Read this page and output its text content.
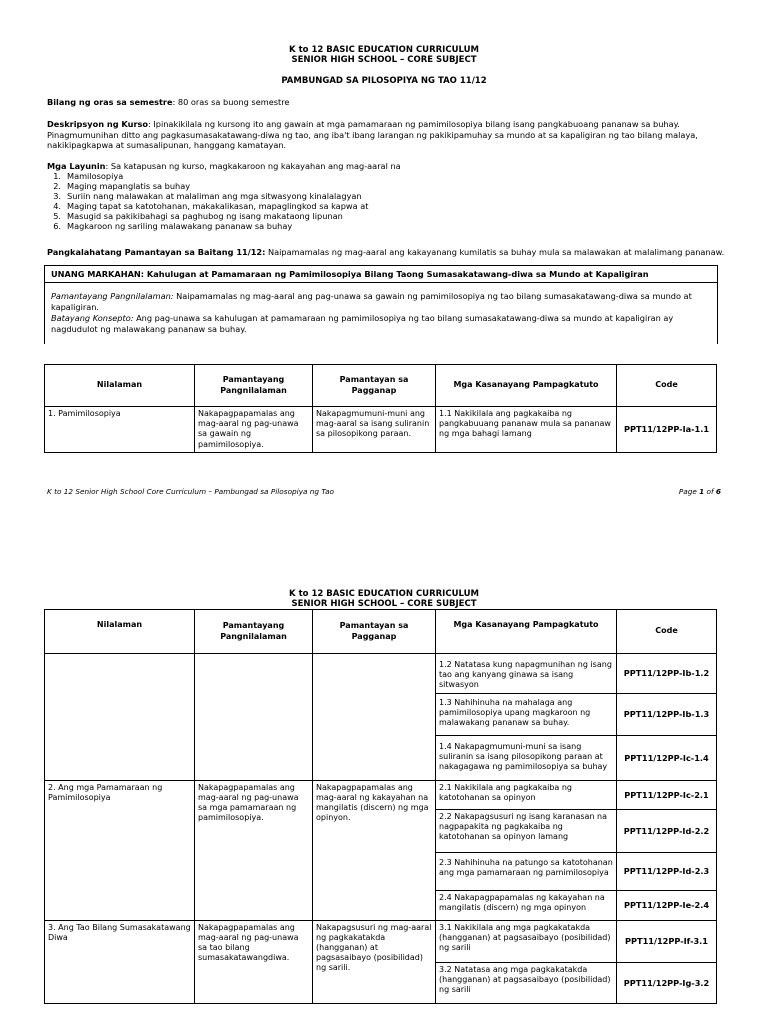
K to 12 BASIC EDUCATION CURRICULUM
SENIOR HIGH SCHOOL – CORE SUBJECT
PAMBUNGAD SA PILOSOPIYA NG TAO 11/12
Bilang ng oras sa semestre: 80 oras sa buong semestre
Deskripsyon ng Kurso: Ipinakikilala ng kursong ito ang gawain at mga pamamaraan ng pamimilosopiya bilang isang pangkabuoang pananaw sa buhay. Pinagmumunihan ditto ang pagkasumasakatawang-diwa ng tao, ang iba't ibang larangan ng pakikipamuhay sa mundo at sa kapaligiran ng tao bilang malaya, nakikipagkapwa at sumasalipunan, hanggang kamatayan.
Mga Layunin: Sa katapusan ng kurso, magkakaroon ng kakayahan ang mag-aaral na
1. Mamilosopiya
2. Maging mapanglatis sa buhay
3. Suriin nang malawakan at malaliman ang mga sitwasyong kinalalagyan
4. Maging tapat sa katotohanan, makakalikasan, mapaglingkod sa kapwa at
5. Masugid sa pakikibahagi sa paghubog ng isang makataong lipunan
6. Magkaroon ng sariling malawakang pananaw sa buhay
Pangkalahatang Pamantayan sa Baitang 11/12: Naipamamalas ng mag-aaral ang kakayanang kumilatis sa buhay mula sa malawakan at malalimang pananaw.
UNANG MARKAHAN: Kahulugan at Pamamaraan ng Pamimilosopiya Bilang Taong Sumasakatawang-diwa sa Mundo at Kapaligiran
Pamantayang Pangnilalaman: Naipamamalas ng mag-aaral ang pag-unawa sa gawain ng pamimilosopiya ng tao bilang sumasakatawang-diwa sa mundo at kapaligiran.
Batayang Konsepto: Ang pag-unawa sa kahulugan at pamamaraan ng pamimilosopiya ng tao bilang sumasakatawang-diwa sa mundo at kapaligiran ay nagdudulot ng malawakang pananaw sa buhay.
Nilalaman	Pamantayang Pangnilalaman	Pamantayan sa Pagganap	Mga Kasanayang Pampagkatuto	Code
1. Pamimilosopiya	Nakapagpapamalas ang mag-aaral ng pag-unawa sa gawain ng pamimilosopiya.	Nakapagmumuni-muni ang mag-aaral sa isang suliranin sa pilosopikong paraan.	1.1 Nakikilala ang pagkakaiba ng pangkabuuang pananaw mula sa pananaw ng mga bahagi lamang	PPT11/12PP-Ia-1.1
K to 12 Senior High School Core Curriculum – Pambungad sa Pilosopiya ng Tao	Page 1 of 6
K to 12 BASIC EDUCATION CURRICULUM
SENIOR HIGH SCHOOL – CORE SUBJECT
Nilalaman	Pamantayang Pangnilalaman	Pamantayan sa Pagganap	Mga Kasanayang Pampagkatuto	Code
			1.2 Natatasa kung napagmunihan ng isang tao ang kanyang ginawa sa isang sitwasyon	PPT11/12PP-Ib-1.2
			1.3 Nahihinuha na mahalaga ang pamimilosopiya upang magkaroon ng malawakang pananaw sa buhay.	PPT11/12PP-Ib-1.3
			1.4 Nakapagmumuni-muni sa isang suliranin sa isang pilosopikong paraan at nakagagawa ng pamimilosopiya sa buhay	PPT11/12PP-Ic-1.4
2. Ang mga Pamamaraan ng Pamimilosopiya	Nakapagpapamalas ang mag-aaral ng pag-unawa sa mga pamamaraan ng pamimilosopiya.	Nakapagpapamalas ang mag-aaral ng kakayahan na mangilatis (discern) ng mga opinyon.	2.1 Nakikilala ang pagkakaiba ng katotohanan sa opinyon	PPT11/12PP-Ic-2.1
			2.2 Nakapagsusuri ng isang karanasan na nagpapakita ng pagkakaiba ng katotohanan sa opinyon lamang	PPT11/12PP-Id-2.2
			2.3 Nahihinuha na patungo sa katotohanan ang mga pamamaraan ng pamimilosopiya	PPT11/12PP-Id-2.3
			2.4 Nakapagpapamalas ng kakayahan na mangilatis (discern) ng mga opinyon	PPT11/12PP-Ie-2.4
3. Ang Tao Bilang Sumasakatawang Diwa	Nakapagpapamalas ang mag-aaral ng pag-unawa sa tao bilang sumasakatawangdiwa.	Nakapagsusuri ng mag-aaral ng pagkakatakda (hangganan) at pagsasaibayo (posibilidad) ng sarili.	3.1 Nakikilala ang mga pagkakatakda (hangganan) at pagsasaibayo (posibilidad) ng sarili	PPT11/12PP-If-3.1
			3.2 Natatasa ang mga pagkakatakda (hangganan) at pagsasaibayo (posibilidad) ng sarili	PPT11/12PP-Ig-3.2
